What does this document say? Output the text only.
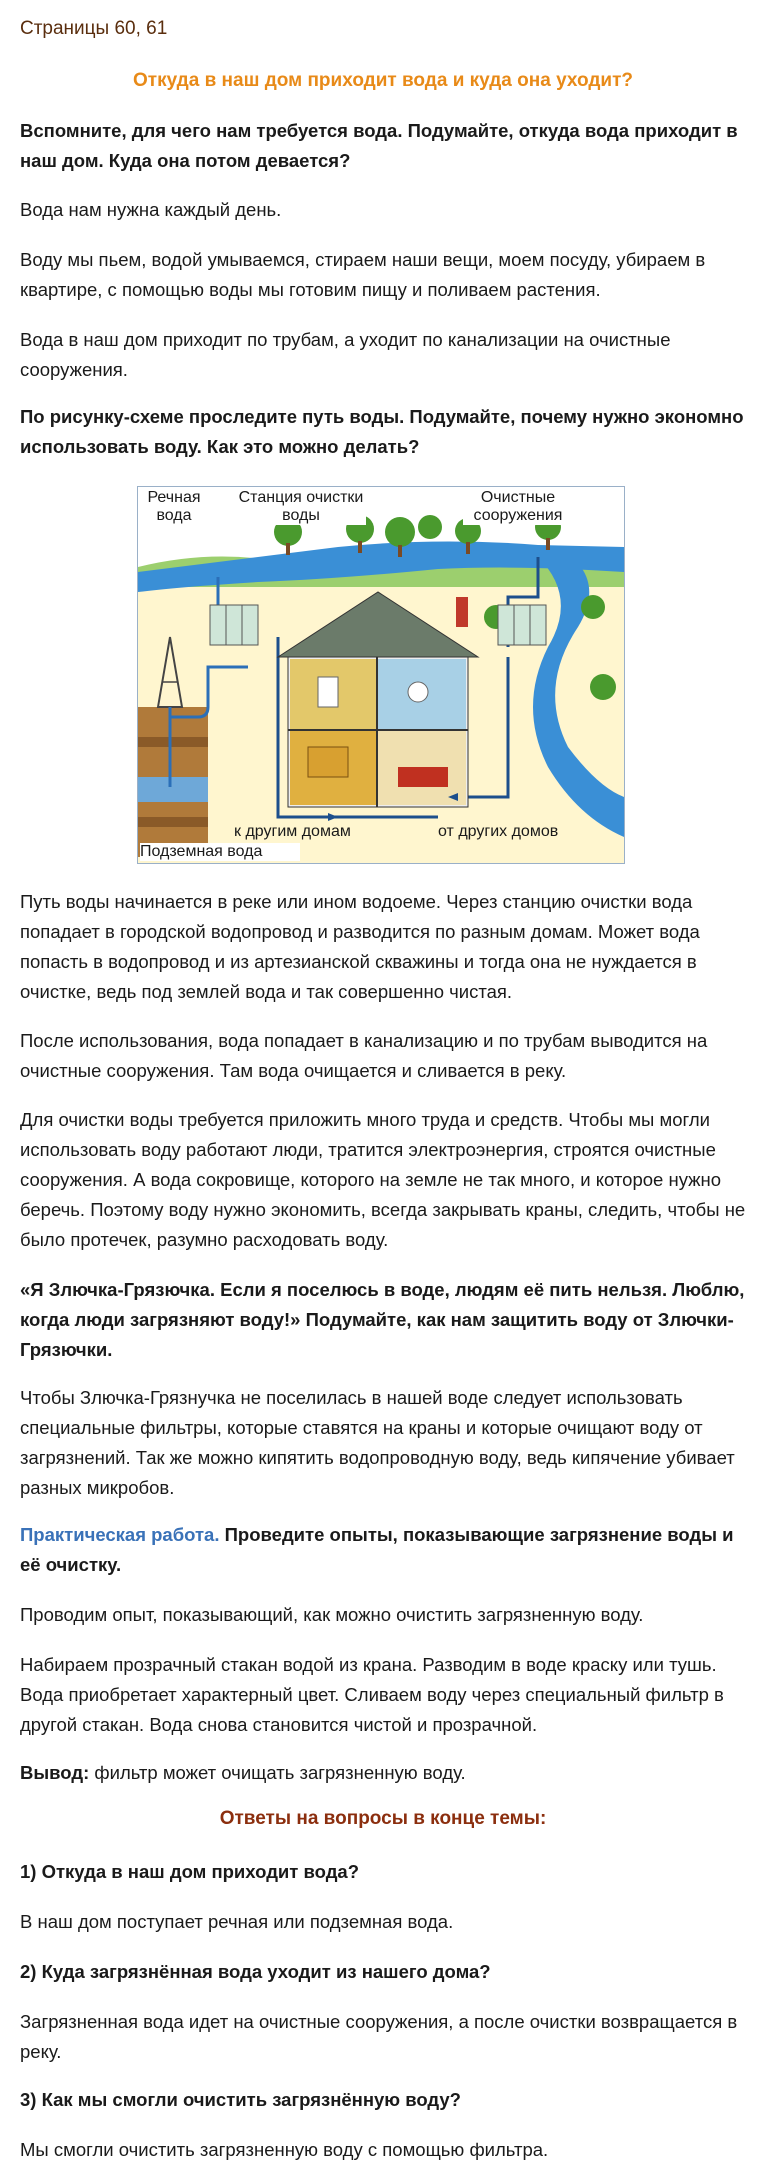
Страницы 60, 61
Откуда в наш дом приходит вода и куда она уходит?

Вспомните, для чего нам требуется вода. Подумайте, откуда вода приходит в наш дом. Куда она потом девается?

Вода нам нужна каждый день.

Воду мы пьем, водой умываемся, стираем наши вещи, моем посуду, убираем в квартире, с помощью воды мы готовим пищу и поливаем растения.

Вода в наш дом приходит по трубам, а уходит по канализации на очистные сооружения.

По рисунку-схеме проследите путь воды. Подумайте, почему нужно экономно использовать воду. Как это можно делать?

Речная вода
Станция очистки воды
Очистные сооружения
к другим домам	от других домов
Подземная вода

Путь воды начинается в реке или ином водоеме. Через станцию очистки вода попадает в городской водопровод и разводится по разным домам. Может вода попасть в водопровод и из артезианской скважины и тогда она не нуждается в очистке, ведь под землей вода и так совершенно чистая.

После использования, вода попадает в канализацию и по трубам выводится на очистные сооружения. Там вода очищается и сливается в реку.

Для очистки воды требуется приложить много труда и средств. Чтобы мы могли использовать воду работают люди, тратится электроэнергия, строятся очистные сооружения. А вода сокровище, которого на земле не так много, и которое нужно беречь. Поэтому воду нужно экономить, всегда закрывать краны, следить, чтобы не было протечек, разумно расходовать воду.

«Я Злючка-Грязючка. Если я поселюсь в воде, людям её пить нельзя. Люблю, когда люди загрязняют воду!» Подумайте, как нам защитить воду от Злючки-Грязючки.

Чтобы Злючка-Грязнучка не поселилась в нашей воде следует использовать специальные фильтры, которые ставятся на краны и которые очищают воду от загрязнений. Так же можно кипятить водопроводную воду, ведь кипячение убивает разных микробов.

Практическая работа. Проведите опыты, показывающие загрязнение воды и её очистку.

Проводим опыт, показывающий, как можно очистить загрязненную воду.

Набираем прозрачный стакан водой из крана. Разводим в воде краску или тушь. Вода приобретает характерный цвет. Сливаем воду через специальный фильтр в другой стакан. Вода снова становится чистой и прозрачной.

Вывод: фильтр может очищать загрязненную воду.

Ответы на вопросы в конце темы:

1) Откуда в наш дом приходит вода?

В наш дом поступает речная или подземная вода.

2) Куда загрязнённая вода уходит из нашего дома?

Загрязненная вода идет на очистные сооружения, а после очистки возвращается в реку.

3) Как мы смогли очистить загрязнённую воду?

Мы смогли очистить загрязненную воду с помощью фильтра.
